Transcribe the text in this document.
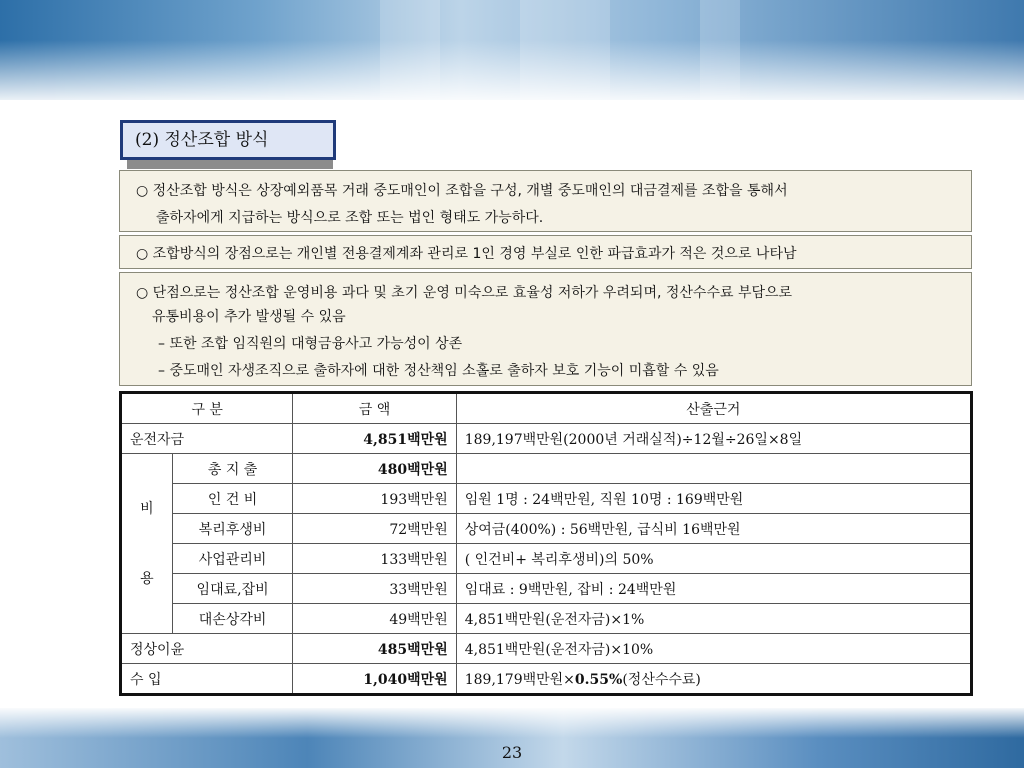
(2) 정산조합 방식
○ 정산조합 방식은 상장예외품목 거래 중도매인이 조합을 구성, 개별 중도매인의 대금결제를 조합을 통해서
출하자에게 지급하는 방식으로 조합 또는 법인 형태도 가능하다.
○ 조합방식의 장점으로는 개인별 전용결제계좌 관리로 1인 경영 부실로 인한 파급효과가 적은 것으로 나타남
○ 단점으로는 정산조합 운영비용 과다 및 초기 운영 미숙으로 효율성 저하가 우려되며, 정산수수료 부담으로
유통비용이 추가 발생될 수 있음
– 또한 조합 임직원의 대형금융사고 가능성이 상존
– 중도매인 자생조직으로 출하자에 대한 정산책임 소홀로 출하자 보호 기능이 미흡할 수 있음
구 분		금 액	산출근거
운전자금		4,851백만원	189,197백만원(2000년 거래실적)÷12월÷26일×8일

비
용	총 지 출	480백만원	
	인 건 비	193백만원	임원 1명 : 24백만원, 직원 10명 : 169백만원
	복리후생비	72백만원	상여금(400%) : 56백만원, 급식비 16백만원
	사업관리비	133백만원	( 인건비+ 복리후생비)의 50%
	임대료,잡비	33백만원	임대료 : 9백만원, 잡비 : 24백만원
	대손상각비	49백만원	4,851백만원(운전자금)×1%
정상이윤		485백만원	4,851백만원(운전자금)×10%
수 입		1,040백만원	189,179백만원×0.55%(정산수수료)
23
